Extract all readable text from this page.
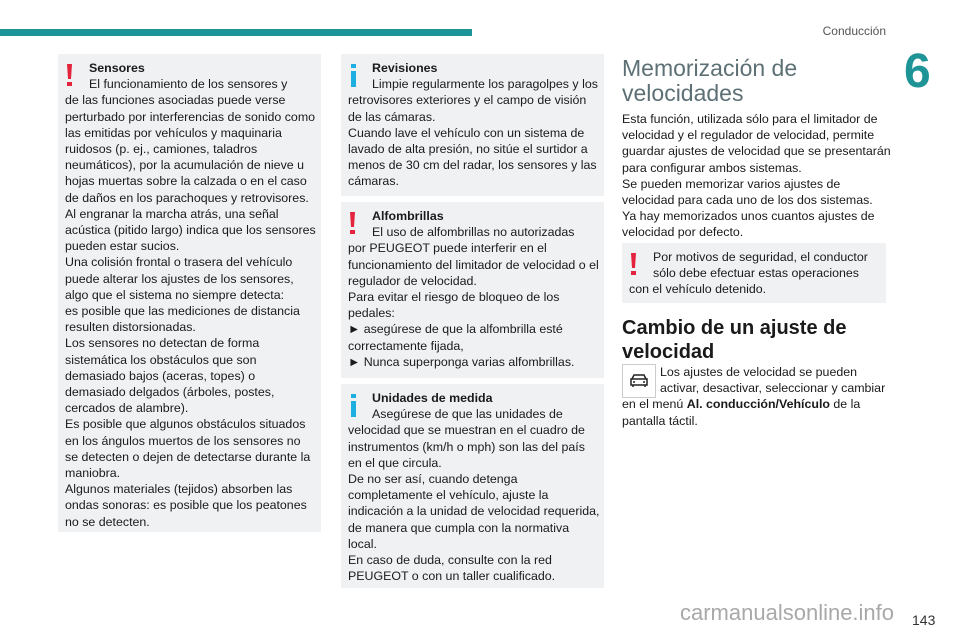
Conducción
6
Sensores
El funcionamiento de los sensores y
de las funciones asociadas puede verse
perturbado por interferencias de sonido como
las emitidas por vehículos y maquinaria
ruidosos (p. ej., camiones, taladros
neumáticos), por la acumulación de nieve u
hojas muertas sobre la calzada o en el caso
de daños en los parachoques y retrovisores.
Al engranar la marcha atrás, una señal
acústica (pitido largo) indica que los sensores
pueden estar sucios.
Una colisión frontal o trasera del vehículo
puede alterar los ajustes de los sensores,
algo que el sistema no siempre detecta:
es posible que las mediciones de distancia
resulten distorsionadas.
Los sensores no detectan de forma
sistemática los obstáculos que son
demasiado bajos (aceras, topes) o
demasiado delgados (árboles, postes,
cercados de alambre).
Es posible que algunos obstáculos situados
en los ángulos muertos de los sensores no
se detecten o dejen de detectarse durante la
maniobra.
Algunos materiales (tejidos) absorben las
ondas sonoras: es posible que los peatones
no se detecten.
Revisiones
Limpie regularmente los paragolpes y los
retrovisores exteriores y el campo de visión
de las cámaras.
Cuando lave el vehículo con un sistema de
lavado de alta presión, no sitúe el surtidor a
menos de 30 cm del radar, los sensores y las
cámaras.
Alfombrillas
El uso de alfombrillas no autorizadas
por PEUGEOT puede interferir en el
funcionamiento del limitador de velocidad o el
regulador de velocidad.
Para evitar el riesgo de bloqueo de los
pedales:
► asegúrese de que la alfombrilla esté
correctamente fijada,
► Nunca superponga varias alfombrillas.
Unidades de medida
Asegúrese de que las unidades de
velocidad que se muestran en el cuadro de
instrumentos (km/h o mph) son las del país
en el que circula.
De no ser así, cuando detenga
completamente el vehículo, ajuste la
indicación a la unidad de velocidad requerida,
de manera que cumpla con la normativa
local.
En caso de duda, consulte con la red
PEUGEOT o con un taller cualificado.
Memorización de
velocidades
Esta función, utilizada sólo para el limitador de
velocidad y el regulador de velocidad, permite
guardar ajustes de velocidad que se presentarán
para configurar ambos sistemas.
Se pueden memorizar varios ajustes de
velocidad para cada uno de los dos sistemas.
Ya hay memorizados unos cuantos ajustes de
velocidad por defecto.
Por motivos de seguridad, el conductor
sólo debe efectuar estas operaciones
con el vehículo detenido.
Cambio de un ajuste de
velocidad
Los ajustes de velocidad se pueden
activar, desactivar, seleccionar y cambiar
en el menú Al. conducción/Vehículo de la
pantalla táctil.
carmanualsonline.info 143
